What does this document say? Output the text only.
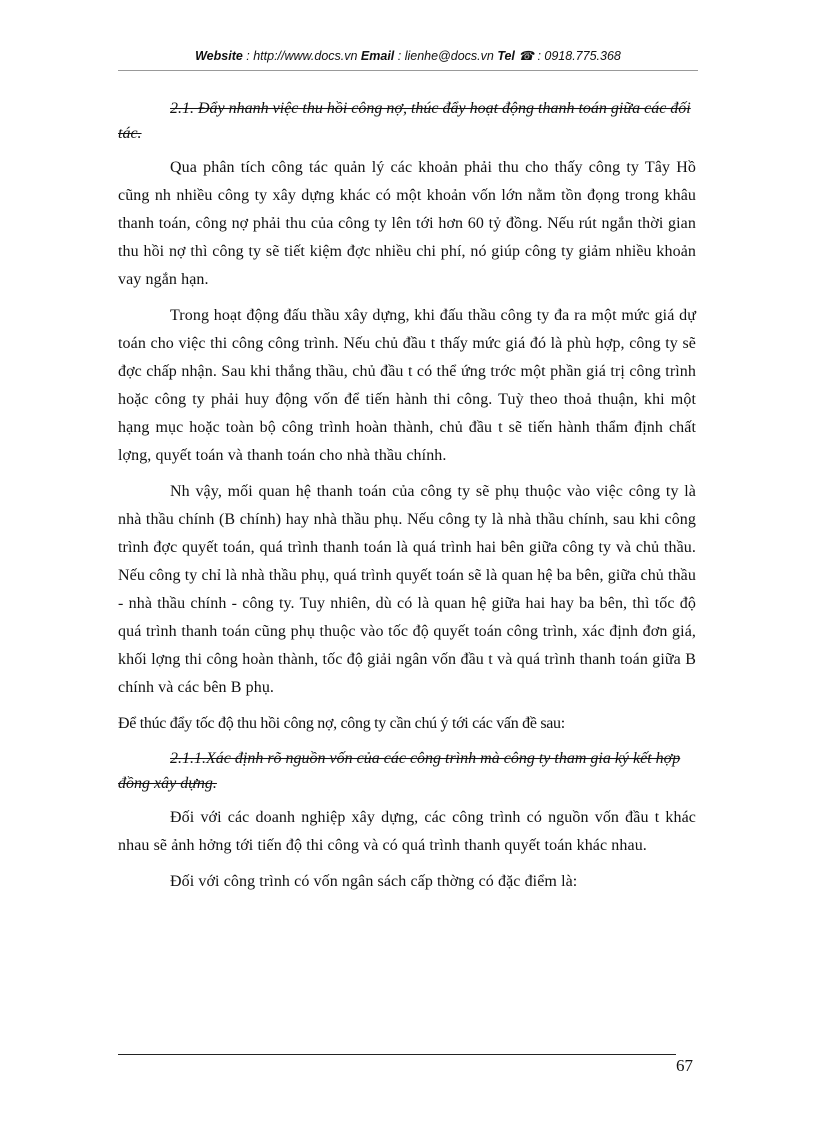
Website : http://www.docs.vn Email : lienhe@docs.vn Tel ☎ : 0918.775.368
2.1. Đẩy nhanh việc thu hồi công nợ, thúc đẩy hoạt động thanh toán giữa các đối tác.

Qua phân tích công tác quản lý các khoản phải thu cho thấy công ty Tây Hồ cũng nh nhiều công ty xây dựng khác có một khoản vốn lớn nằm tồn đọng trong khâu thanh toán, công nợ phải thu của công ty lên tới hơn 60 tỷ đồng. Nếu rút ngắn thời gian thu hồi nợ thì công ty sẽ tiết kiệm đợc nhiều chi phí, nó giúp công ty giảm nhiều khoản vay ngắn hạn.

Trong hoạt động đấu thầu xây dựng, khi đấu thầu công ty đa ra một mức giá dự toán cho việc thi công công trình. Nếu chủ đầu t thấy mức giá đó là phù hợp, công ty sẽ đợc chấp nhận. Sau khi thắng thầu, chủ đầu t có thể ứng trớc một phần giá trị công trình hoặc công ty phải huy động vốn để tiến hành thi công. Tuỳ theo thoả thuận, khi một hạng mục hoặc toàn bộ công trình hoàn thành, chủ đầu t sẽ tiến hành thẩm định chất lợng, quyết toán và thanh toán cho nhà thầu chính.

Nh vậy, mối quan hệ thanh toán của công ty sẽ phụ thuộc vào việc công ty là nhà thầu chính (B chính) hay nhà thầu phụ. Nếu công ty là nhà thầu chính, sau khi công trình đợc quyết toán, quá trình thanh toán là quá trình hai bên giữa công ty và chủ thầu. Nếu công ty chỉ là nhà thầu phụ, quá trình quyết toán sẽ là quan hệ ba bên, giữa chủ thầu - nhà thầu chính - công ty. Tuy nhiên, dù có là quan hệ giữa hai hay ba bên, thì tốc độ quá trình thanh toán cũng phụ thuộc vào tốc độ quyết toán công trình, xác định đơn giá, khối lợng thi công hoàn thành, tốc độ giải ngân vốn đầu t và quá trình thanh toán giữa B chính và các bên B phụ.

Để thúc đẩy tốc độ thu hồi công nợ, công ty cần chú ý tới các vấn đề sau:

2.1.1.Xác định rõ nguồn vốn của các công trình mà công ty tham gia ký kết hợp đồng xây dựng.

Đối với các doanh nghiệp xây dựng, các công trình có nguồn vốn đầu t khác nhau sẽ ảnh hởng tới tiến độ thi công và có quá trình thanh quyết toán khác nhau.

Đối với công trình có vốn ngân sách cấp thờng có đặc điểm là:

67
